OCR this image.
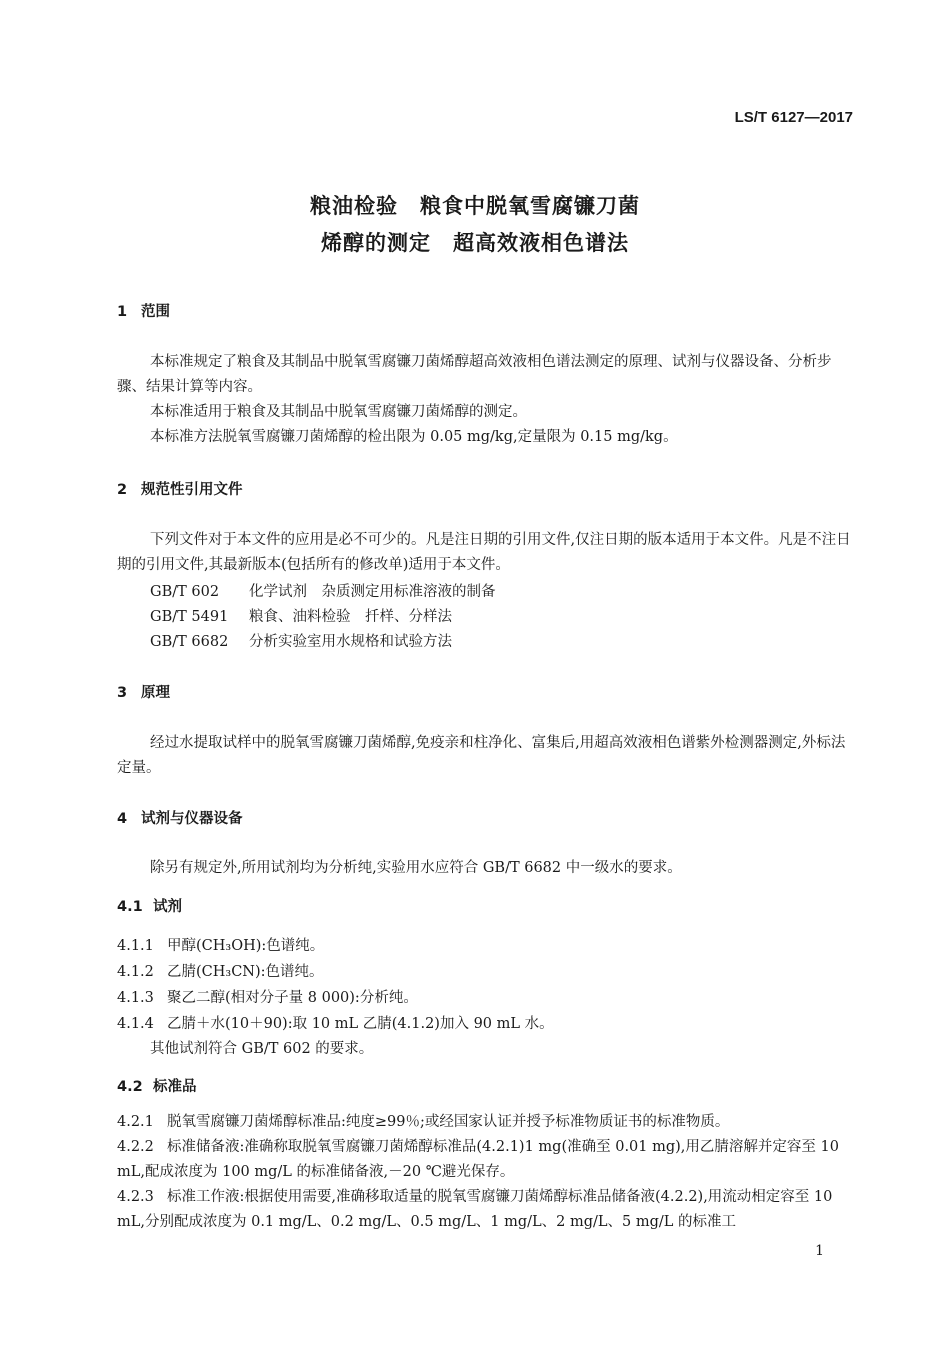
LS/T 6127—2017
粮油检验　粮食中脱氧雪腐镰刀菌
烯醇的测定　超高效液相色谱法
1 范围
本标准规定了粮食及其制品中脱氧雪腐镰刀菌烯醇超高效液相色谱法测定的原理、试剂与仪器设备、分析步骤、结果计算等内容。
本标准适用于粮食及其制品中脱氧雪腐镰刀菌烯醇的测定。
本标准方法脱氧雪腐镰刀菌烯醇的检出限为 0.05 mg/kg,定量限为 0.15 mg/kg。
2 规范性引用文件
下列文件对于本文件的应用是必不可少的。凡是注日期的引用文件,仅注日期的版本适用于本文件。凡是不注日期的引用文件,其最新版本(包括所有的修改单)适用于本文件。
GB/T 602 化学试剂　杂质测定用标准溶液的制备
GB/T 5491 粮食、油料检验　扦样、分样法
GB/T 6682 分析实验室用水规格和试验方法
3 原理
经过水提取试样中的脱氧雪腐镰刀菌烯醇,免疫亲和柱净化、富集后,用超高效液相色谱紫外检测器测定,外标法定量。
4 试剂与仪器设备
除另有规定外,所用试剂均为分析纯,实验用水应符合 GB/T 6682 中一级水的要求。
4.1 试剂
4.1.1 甲醇(CH₃OH):色谱纯。
4.1.2 乙腈(CH₃CN):色谱纯。
4.1.3 聚乙二醇(相对分子量 8 000):分析纯。
4.1.4 乙腈＋水(10＋90):取 10 mL 乙腈(4.1.2)加入 90 mL 水。
其他试剂符合 GB/T 602 的要求。
4.2 标准品
4.2.1 脱氧雪腐镰刀菌烯醇标准品:纯度≥99％;或经国家认证并授予标准物质证书的标准物质。
4.2.2 标准储备液:准确称取脱氧雪腐镰刀菌烯醇标准品(4.2.1)1 mg(准确至 0.01 mg),用乙腈溶解并定容至 10 mL,配成浓度为 100 mg/L 的标准储备液,－20 ℃避光保存。
4.2.3 标准工作液:根据使用需要,准确移取适量的脱氧雪腐镰刀菌烯醇标准品储备液(4.2.2),用流动相定容至 10 mL,分别配成浓度为 0.1 mg/L、0.2 mg/L、0.5 mg/L、1 mg/L、2 mg/L、5 mg/L 的标准工
1
